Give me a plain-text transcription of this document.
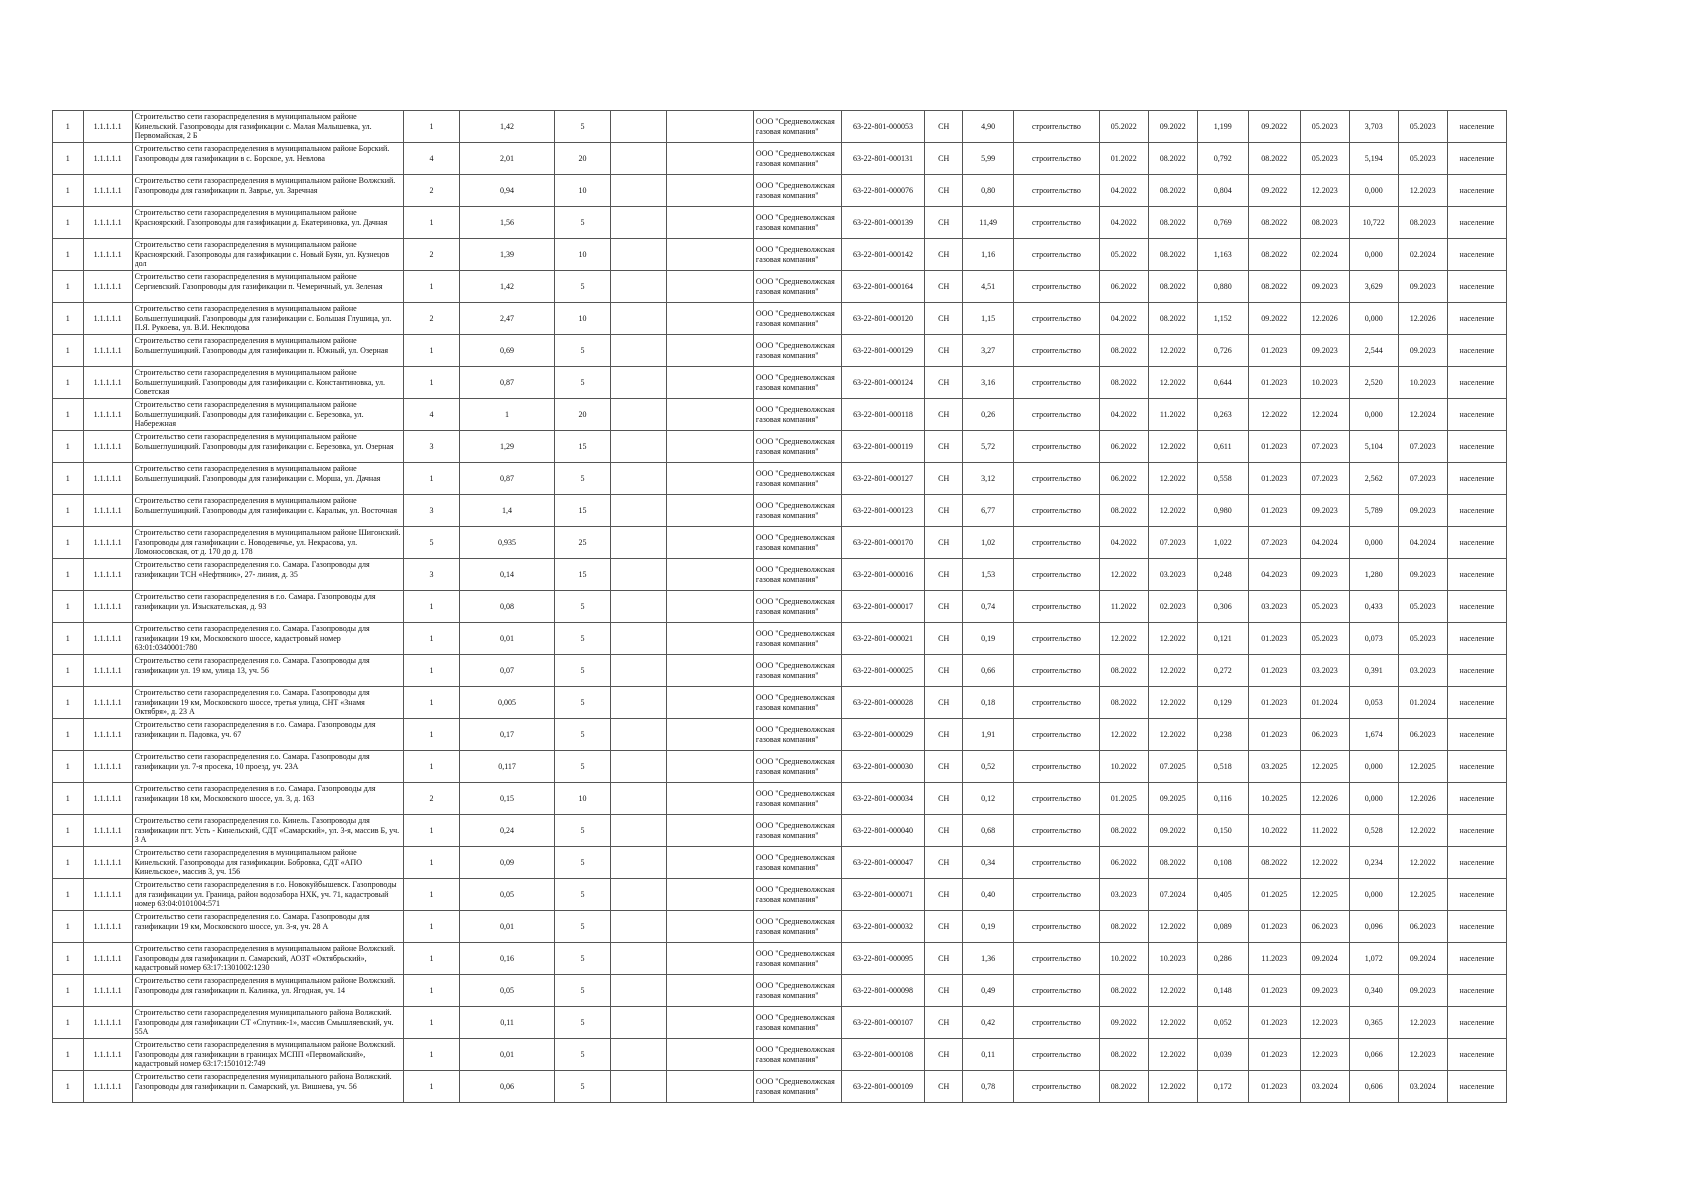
1	1.1.1.1.1	Строительство сети газораспределения в муниципальном районе Кинельский. Газопроводы для газификации с. Малая Малышевка, ул. Первомайская, 2 Б	1	1,42	5			ООО "Средневолжская газовая компания"	63-22-801-000053	СН	4,90	строительство	05.2022	09.2022	1,199	09.2022	05.2023	3,703	05.2023	население

1	1.1.1.1.1	Строительство сети газораспределения в муниципальном районе Борский. Газопроводы для газификации в с. Борское, ул. Невлова	4	2,01	20			ООО "Средневолжская газовая компания"	63-22-801-000131	СН	5,99	строительство	01.2022	08.2022	0,792	08.2022	05.2023	5,194	05.2023	население

1	1.1.1.1.1	Строительство сети газораспределения в муниципальном районе Волжский. Газопроводы для газификации п. Заврье, ул. Заречная	2	0,94	10			ООО "Средневолжская газовая компания"	63-22-801-000076	СН	0,80	строительство	04.2022	08.2022	0,804	09.2022	12.2023	0,000	12.2023	население

1	1.1.1.1.1	Строительство сети газораспределения в муниципальном районе Красноярский. Газопроводы для газификации д. Екатериновка, ул. Дачная	1	1,56	5			ООО "Средневолжская газовая компания"	63-22-801-000139	СН	11,49	строительство	04.2022	08.2022	0,769	08.2022	08.2023	10,722	08.2023	население

1	1.1.1.1.1	Строительство сети газораспределения в муниципальном районе Красноярский. Газопроводы для газификации с. Новый Буян, ул. Кузнецов дол	2	1,39	10			ООО "Средневолжская газовая компания"	63-22-801-000142	СН	1,16	строительство	05.2022	08.2022	1,163	08.2022	02.2024	0,000	02.2024	население

1	1.1.1.1.1	Строительство сети газораспределения в муниципальном районе Сергиевский. Газопроводы для газификации п. Чемеричный, ул. Зеленая	1	1,42	5			ООО "Средневолжская газовая компания"	63-22-801-000164	СН	4,51	строительство	06.2022	08.2022	0,880	08.2022	09.2023	3,629	09.2023	население

1	1.1.1.1.1	Строительство сети газораспределения в муниципальном районе Большеглушицкий. Газопроводы для газификации с. Большая Глушица, ул. П.Я. Рукоева, ул. В.И. Неклюдова	2	2,47	10			ООО "Средневолжская газовая компания"	63-22-801-000120	СН	1,15	строительство	04.2022	08.2022	1,152	09.2022	12.2026	0,000	12.2026	население

1	1.1.1.1.1	Строительство сети газораспределения в муниципальном районе Большеглушицкий. Газопроводы для газификации п. Южный, ул. Озерная	1	0,69	5			ООО "Средневолжская газовая компания"	63-22-801-000129	СН	3,27	строительство	08.2022	12.2022	0,726	01.2023	09.2023	2,544	09.2023	население

1	1.1.1.1.1	Строительство сети газораспределения в муниципальном районе Большеглушицкий. Газопроводы для газификации с. Константиновка, ул. Советская	1	0,87	5			ООО "Средневолжская газовая компания"	63-22-801-000124	СН	3,16	строительство	08.2022	12.2022	0,644	01.2023	10.2023	2,520	10.2023	население

1	1.1.1.1.1	Строительство сети газораспределения в муниципальном районе Большеглушицкий. Газопроводы для газификации с. Березовка, ул. Набережная	4	1	20			ООО "Средневолжская газовая компания"	63-22-801-000118	СН	0,26	строительство	04.2022	11.2022	0,263	12.2022	12.2024	0,000	12.2024	население

1	1.1.1.1.1	Строительство сети газораспределения в муниципальном районе Большеглушицкий. Газопроводы для газификации с. Березовка, ул. Озерная	3	1,29	15			ООО "Средневолжская газовая компания"	63-22-801-000119	СН	5,72	строительство	06.2022	12.2022	0,611	01.2023	07.2023	5,104	07.2023	население

1	1.1.1.1.1	Строительство сети газораспределения в муниципальном районе Большеглушицкий. Газопроводы для газификации с. Морша, ул. Дачная	1	0,87	5			ООО "Средневолжская газовая компания"	63-22-801-000127	СН	3,12	строительство	06.2022	12.2022	0,558	01.2023	07.2023	2,562	07.2023	население

1	1.1.1.1.1	Строительство сети газораспределения в муниципальном районе Большеглушицкий. Газопроводы для газификации с. Каралык, ул. Восточная	3	1,4	15			ООО "Средневолжская газовая компания"	63-22-801-000123	СН	6,77	строительство	08.2022	12.2022	0,980	01.2023	09.2023	5,789	09.2023	население

1	1.1.1.1.1	Строительство сети газораспределения в муниципальном районе Шигонский. Газопроводы для газификации с. Новодевичье, ул. Некрасова, ул. Ломоносовская, от д. 170 до д. 178	5	0,935	25			ООО "Средневолжская газовая компания"	63-22-801-000170	СН	1,02	строительство	04.2022	07.2023	1,022	07.2023	04.2024	0,000	04.2024	население

1	1.1.1.1.1	Строительство сети газораспределения г.о. Самара. Газопроводы для газификации ТСН «Нефтяник», 27- линия, д. 35	3	0,14	15			ООО "Средневолжская газовая компания"	63-22-801-000016	СН	1,53	строительство	12.2022	03.2023	0,248	04.2023	09.2023	1,280	09.2023	население

1	1.1.1.1.1	Строительство сети газораспределения в г.о. Самара. Газопроводы для газификации ул. Изыскательская, д. 93	1	0,08	5			ООО "Средневолжская газовая компания"	63-22-801-000017	СН	0,74	строительство	11.2022	02.2023	0,306	03.2023	05.2023	0,433	05.2023	население

1	1.1.1.1.1	Строительство сети газораспределения г.о. Самара. Газопроводы для газификации 19 км, Московского шоссе, кадастровый номер 63:01:0340001:780	1	0,01	5			ООО "Средневолжская газовая компания"	63-22-801-000021	СН	0,19	строительство	12.2022	12.2022	0,121	01.2023	05.2023	0,073	05.2023	население

1	1.1.1.1.1	Строительство сети газораспределения г.о. Самара. Газопроводы для газификации ул. 19 км, улица 13, уч. 56	1	0,07	5			ООО "Средневолжская газовая компания"	63-22-801-000025	СН	0,66	строительство	08.2022	12.2022	0,272	01.2023	03.2023	0,391	03.2023	население

1	1.1.1.1.1	Строительство сети газораспределения г.о. Самара. Газопроводы для газификации 19 км, Московского шоссе, третья улица, СНТ «Знамя Октября», д. 23 А	1	0,005	5			ООО "Средневолжская газовая компания"	63-22-801-000028	СН	0,18	строительство	08.2022	12.2022	0,129	01.2023	01.2024	0,053	01.2024	население

1	1.1.1.1.1	Строительство сети газораспределения в г.о. Самара. Газопроводы для газификации п. Падовка, уч. 67	1	0,17	5			ООО "Средневолжская газовая компания"	63-22-801-000029	СН	1,91	строительство	12.2022	12.2022	0,238	01.2023	06.2023	1,674	06.2023	население

1	1.1.1.1.1	Строительство сети газораспределения г.о. Самара. Газопроводы для газификации ул. 7-я просека, 10 проезд, уч. 23А	1	0,117	5			ООО "Средневолжская газовая компания"	63-22-801-000030	СН	0,52	строительство	10.2022	07.2025	0,518	03.2025	12.2025	0,000	12.2025	население

1	1.1.1.1.1	Строительство сети газораспределения в г.о. Самара. Газопроводы для газификации 18 км, Московского шоссе, ул. 3, д. 163	2	0,15	10			ООО "Средневолжская газовая компания"	63-22-801-000034	СН	0,12	строительство	01.2025	09.2025	0,116	10.2025	12.2026	0,000	12.2026	население

1	1.1.1.1.1	Строительство сети газораспределения г.о. Кинель. Газопроводы для газификации пгт. Усть - Кинельский, СДТ «Самарский», ул. 3-я, массив Б, уч. 3 А	1	0,24	5			ООО "Средневолжская газовая компания"	63-22-801-000040	СН	0,68	строительство	08.2022	09.2022	0,150	10.2022	11.2022	0,528	12.2022	население

1	1.1.1.1.1	Строительство сети газораспределения в муниципальном районе Кинельский. Газопроводы для газификации. Бобровка, СДТ «АПО Кинельское», массив 3, уч. 156	1	0,09	5			ООО "Средневолжская газовая компания"	63-22-801-000047	СН	0,34	строительство	06.2022	08.2022	0,108	08.2022	12.2022	0,234	12.2022	население

1	1.1.1.1.1	Строительство сети газораспределения в г.о. Новокуйбышевск. Газопроводы для газификации ул. Граница, район водозабора НХК, уч. 71, кадастровый номер 63:04:0101004:571	1	0,05	5			ООО "Средневолжская газовая компания"	63-22-801-000071	СН	0,40	строительство	03.2023	07.2024	0,405	01.2025	12.2025	0,000	12.2025	население

1	1.1.1.1.1	Строительство сети газораспределения г.о. Самара. Газопроводы для газификации 19 км, Московского шоссе, ул. 3-я, уч. 28 А	1	0,01	5			ООО "Средневолжская газовая компания"	63-22-801-000032	СН	0,19	строительство	08.2022	12.2022	0,089	01.2023	06.2023	0,096	06.2023	население

1	1.1.1.1.1	Строительство сети газораспределения в муниципальном районе Волжский. Газопроводы для газификации п. Самарский, АОЗТ «Октябрьский», кадастровый номер 63:17:1301002:1230	1	0,16	5			ООО "Средневолжская газовая компания"	63-22-801-000095	СН	1,36	строительство	10.2022	10.2023	0,286	11.2023	09.2024	1,072	09.2024	население

1	1.1.1.1.1	Строительство сети газораспределения в муниципальном районе Волжский. Газопроводы для газификации п. Калинка, ул. Ягодная, уч. 14	1	0,05	5			ООО "Средневолжская газовая компания"	63-22-801-000098	СН	0,49	строительство	08.2022	12.2022	0,148	01.2023	09.2023	0,340	09.2023	население

1	1.1.1.1.1	Строительство сети газораспределения муниципального района Волжский. Газопроводы для газификации СТ «Спутник-1», массив Смышляевский, уч. 55А	1	0,11	5			ООО "Средневолжская газовая компания"	63-22-801-000107	СН	0,42	строительство	09.2022	12.2022	0,052	01.2023	12.2023	0,365	12.2023	население

1	1.1.1.1.1	Строительство сети газораспределения в муниципальном районе Волжский. Газопроводы для газификации в границах МСПП «Первомайский», кадастровый номер 63:17:1501012:749	1	0,01	5			ООО "Средневолжская газовая компания"	63-22-801-000108	СН	0,11	строительство	08.2022	12.2022	0,039	01.2023	12.2023	0,066	12.2023	население

1	1.1.1.1.1	Строительство сети газораспределения муниципального района Волжский. Газопроводы для газификации п. Самарский, ул. Вишнева, уч. 56	1	0,06	5			ООО "Средневолжская газовая компания"	63-22-801-000109	СН	0,78	строительство	08.2022	12.2022	0,172	01.2023	03.2024	0,606	03.2024	население
